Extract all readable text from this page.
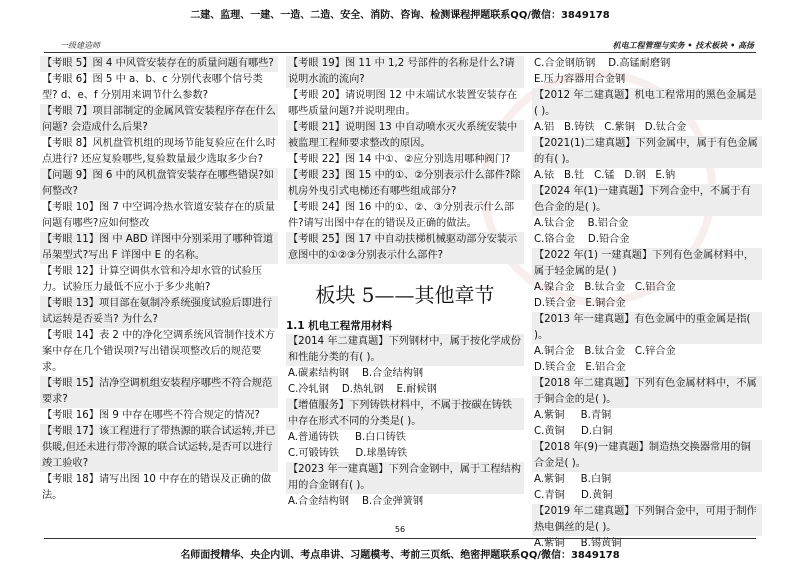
二建、监理、一建、一造、二造、安全、消防、咨询、检测课程押题联系QQ/微信：3849178
一级建造师	机电工程管理与实务 • 技术板块 • 高扬

【考眼 5】图 4 中风管安装存在的质量问题有哪些?

【考眼 6】图 5 中 a、b、c 分别代表哪个信号类型? d、e、f 分别用来调节什么参数?

【考眼 7】项目部制定的金属风管安装程序存在什么问题? 会造成什么后果?

【考眼 8】风机盘管机组的现场节能复验应在什么时点进行? 还应复验哪些,复验数量最少选取多少台?

【问题 9】图 6 中的风机盘管安装存在哪些错误?如何整改?

【考眼 10】图 7 中空调冷热水管道安装存在的质量问题有哪些?应如何整改

【考眼 11】图 中 ABD 详图中分别采用了哪种管道吊架型式?写出 F 详图中 E 的名称。

【考眼 12】计算空调供水管和冷却水管的试验压力。试验压力最低不应小于多少兆帕?

【考眼 13】项目部在氨制冷系统强度试验后即进行试运转是否妥当? 为什么?

【考眼 14】表 2 中的净化空调系统风管制作技术方案中存在几个错误项?写出错误项整改后的规范要求。

【考眼 15】洁净空调机组安装程序哪些不符合规范要求?

【考眼 16】图 9 中存在哪些不符合规定的情况?

【考眼 17】该工程进行了带热源的联合试运转,并已供暖,但还未进行带冷源的联合试运转,是否可以进行竣工验收?

【考眼 18】请写出图 10 中存在的错误及正确的做法。

【考眼 19】图 11 中 1,2 号部件的名称是什么?请说明水流的流向?

【考眼 20】请说明图 12 中末端试水装置安装存在哪些质量问题?并说明理由。

【考眼 21】说明图 13 中自动喷水灭火系统安装中被监理工程师要求整改的原因。

【考眼 22】图 14 中①、②应分别选用哪种阀门?

【考眼 23】图 15 中的①、②分别表示什么部件?除机房外曳引式电梯还有哪些组成部分?

【考眼 24】图 16 中的①、②、③分别表示什么部件?请写出图中存在的错误及正确的做法。

【考眼 25】图 17 中自动扶梯机械驱动部分安装示意图中的①②③分别表示什么部件?

板块 5——其他章节

1.1 机电工程常用材料

【2014 年二建真题】下列钢材中，属于按化学成份和性能分类的有( )。

A.碳素结构钢 B.合金结构钢

C.冷轧钢 D.热轧钢 E.耐候钢

【增值服务】下列铸铁材料中，不属于按碳在铸铁中存在形式不同的分类是( )。

A.普通铸铁 B.白口铸铁

C.可锻铸铁 D.球墨铸铁

【2023 年一建真题】下列合金钢中，属于工程结构用的合金钢有( )。

A.合金结构钢 B.合金弹簧钢

C.合金钢筋钢 D.高锰耐磨钢

E.压力容器用合金钢

【2012 年二建真题】机电工程常用的黑色金属是( )。

A.铝 B.铸铁 C.紫铜 D.钛合金

【2021(1)二建真题】下列金属中，属于有色金属的有( )。

A.铱 B.钍 C.锰 D.钢 E.钠

【2024 年(1)一建真题】下列合金中，不属于有色合金的是( )。

A.钛合金 B.铝合金

C.铬合金 D.铅合金

【2022 年(1) 一建真题】下列有色金属材料中，属于轻金属的是( )

A.镍合金 B.钛合金 C.铝合金

D.镁合金 E.铜合金

【2013 年一建真题】有色金属中的重金属是指( )。

A.铜合金 B.钛合金 C.锌合金

D.镁合金 E.铝合金

【2018 年二建真题】下列有色金属材料中，不属于铜合金的是( )。

A.紫铜 B.青铜

C.黄铜 D.白铜

【2018 年(9)一建真题】制造热交换器常用的铜合金是( )。

A.紫铜 B.白铜

C.青铜 D.黄铜

【2019 年二建真题】下列铜合金中，可用于制作热电偶丝的是( )。

A.紫铜 B.锡黄铜

56
名师面授精华、央企内训、考点串讲、习题模考、考前三页纸、绝密押题联系QQ/微信：3849178
